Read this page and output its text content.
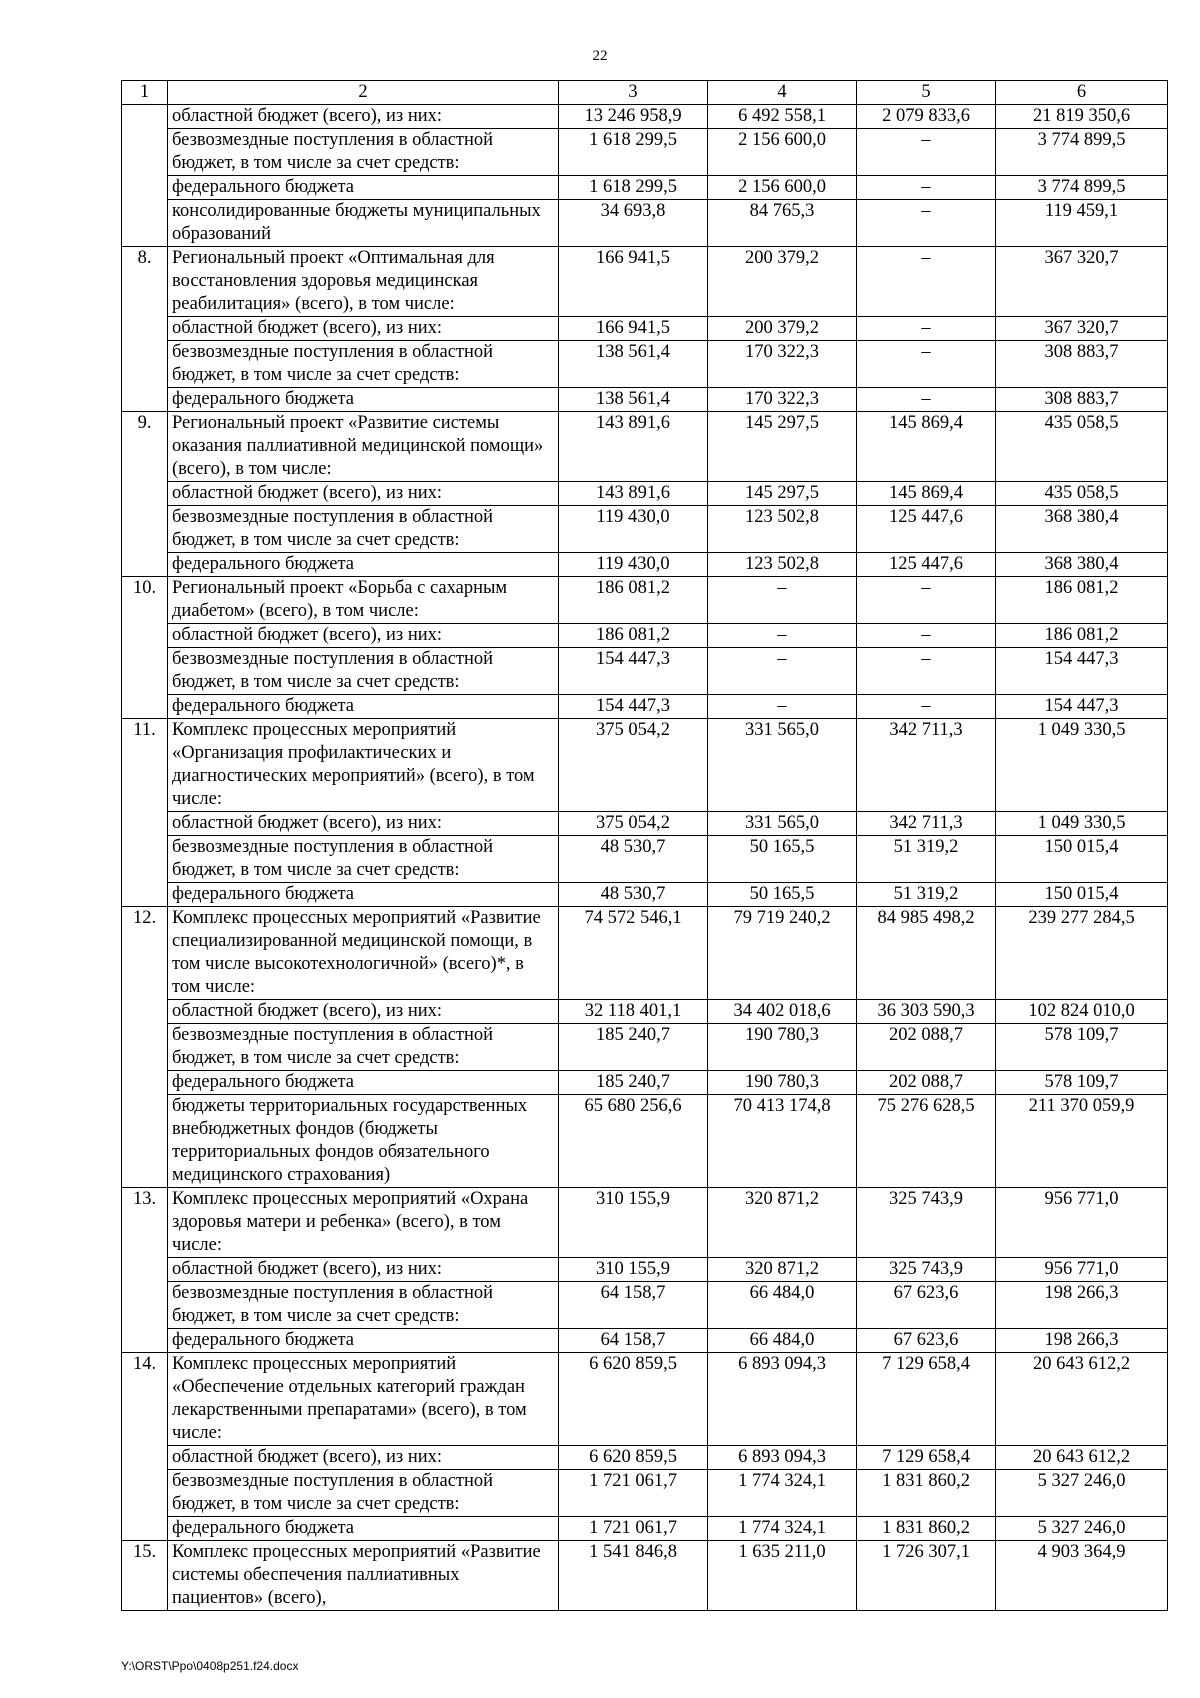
22
1	2	3	4	5	6
	областной бюджет (всего), из них:	13 246 958,9	6 492 558,1	2 079 833,6	21 819 350,6
	безвозмездные поступления в областной бюджет, в том числе за счет средств:	1 618 299,5	2 156 600,0	–	3 774 899,5
	федерального бюджета	1 618 299,5	2 156 600,0	–	3 774 899,5
	консолидированные бюджеты муниципальных образований	34 693,8	84 765,3	–	119 459,1
8.	Региональный проект «Оптимальная для восстановления здоровья медицинская реабилитация» (всего), в том числе:	166 941,5	200 379,2	–	367 320,7
	областной бюджет (всего), из них:	166 941,5	200 379,2	–	367 320,7
	безвозмездные поступления в областной бюджет, в том числе за счет средств:	138 561,4	170 322,3	–	308 883,7
	федерального бюджета	138 561,4	170 322,3	–	308 883,7
9.	Региональный проект «Развитие системы оказания паллиативной медицинской помощи» (всего), в том числе:	143 891,6	145 297,5	145 869,4	435 058,5
	областной бюджет (всего), из них:	143 891,6	145 297,5	145 869,4	435 058,5
	безвозмездные поступления в областной бюджет, в том числе за счет средств:	119 430,0	123 502,8	125 447,6	368 380,4
	федерального бюджета	119 430,0	123 502,8	125 447,6	368 380,4
10.	Региональный проект «Борьба с сахарным диабетом» (всего), в том числе:	186 081,2	–	–	186 081,2
	областной бюджет (всего), из них:	186 081,2	–	–	186 081,2
	безвозмездные поступления в областной бюджет, в том числе за счет средств:	154 447,3	–	–	154 447,3
	федерального бюджета	154 447,3	–	–	154 447,3
11.	Комплекс процессных мероприятий «Организация профилактических и диагностических мероприятий» (всего), в том числе:	375 054,2	331 565,0	342 711,3	1 049 330,5
	областной бюджет (всего), из них:	375 054,2	331 565,0	342 711,3	1 049 330,5
	безвозмездные поступления в областной бюджет, в том числе за счет средств:	48 530,7	50 165,5	51 319,2	150 015,4
	федерального бюджета	48 530,7	50 165,5	51 319,2	150 015,4
12.	Комплекс процессных мероприятий «Развитие специализированной медицинской помощи, в том числе высокотехнологичной» (всего)*, в том числе:	74 572 546,1	79 719 240,2	84 985 498,2	239 277 284,5
	областной бюджет (всего), из них:	32 118 401,1	34 402 018,6	36 303 590,3	102 824 010,0
	безвозмездные поступления в областной бюджет, в том числе за счет средств:	185 240,7	190 780,3	202 088,7	578 109,7
	федерального бюджета	185 240,7	190 780,3	202 088,7	578 109,7
	бюджеты территориальных государственных внебюджетных фондов (бюджеты территориальных фондов обязательного медицинского страхования)	65 680 256,6	70 413 174,8	75 276 628,5	211 370 059,9
13.	Комплекс процессных мероприятий «Охрана здоровья матери и ребенка» (всего), в том числе:	310 155,9	320 871,2	325 743,9	956 771,0
	областной бюджет (всего), из них:	310 155,9	320 871,2	325 743,9	956 771,0
	безвозмездные поступления в областной бюджет, в том числе за счет средств:	64 158,7	66 484,0	67 623,6	198 266,3
	федерального бюджета	64 158,7	66 484,0	67 623,6	198 266,3
14.	Комплекс процессных мероприятий «Обеспечение отдельных категорий граждан лекарственными препаратами» (всего), в том числе:	6 620 859,5	6 893 094,3	7 129 658,4	20 643 612,2
	областной бюджет (всего), из них:	6 620 859,5	6 893 094,3	7 129 658,4	20 643 612,2
	безвозмездные поступления в областной бюджет, в том числе за счет средств:	1 721 061,7	1 774 324,1	1 831 860,2	5 327 246,0
	федерального бюджета	1 721 061,7	1 774 324,1	1 831 860,2	5 327 246,0
15.	Комплекс процессных мероприятий «Развитие системы обеспечения паллиативных пациентов» (всего),	1 541 846,8	1 635 211,0	1 726 307,1	4 903 364,9
Y:\ORST\Ppo\0408p251.f24.docx
